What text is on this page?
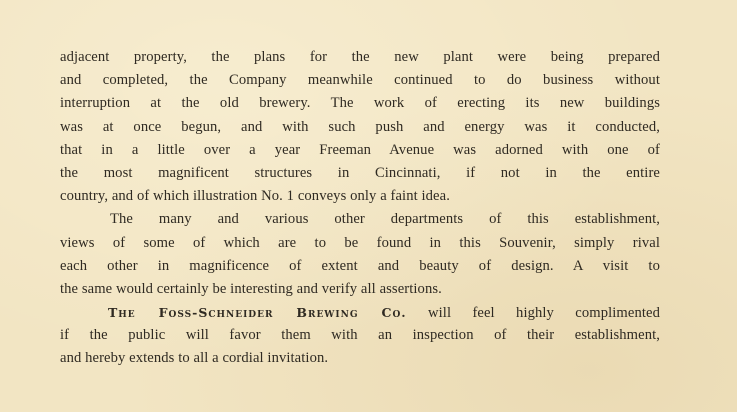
adjacent property, the plans for the new plant were being prepared
and completed, the Company meanwhile continued to do business without
interruption at the old brewery. The work of erecting its new buildings
was at once begun, and with such push and energy was it conducted,
that in a little over a year Freeman Avenue was adorned with one of
the most magnificent structures in Cincinnati, if not in the entire
country, and of which illustration No. 1 conveys only a faint idea.
The many and various other departments of this establishment,
views of some of which are to be found in this Souvenir, simply rival
each other in magnificence of extent and beauty of design. A visit to
the same would certainly be interesting and verify all assertions.
The Foss-Schneider Brewing Co. will feel highly complimented
if the public will favor them with an inspection of their establishment,
and hereby extends to all a cordial invitation.
